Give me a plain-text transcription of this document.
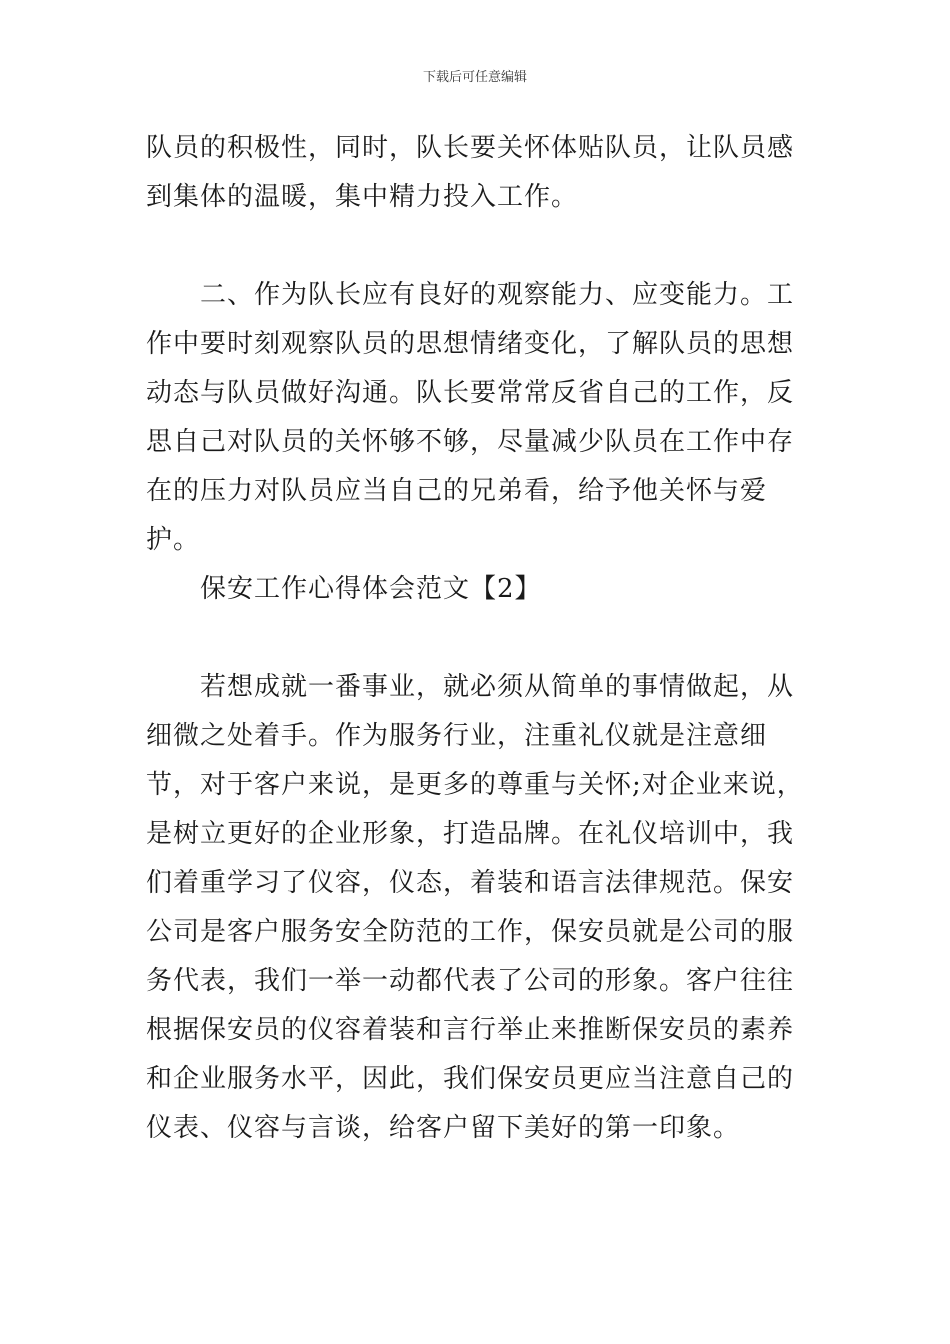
下载后可任意编辑

队员的积极性，同时，队长要关怀体贴队员，让队员感到集体的温暖，集中精力投入工作。

二、作为队长应有良好的观察能力、应变能力。工作中要时刻观察队员的思想情绪变化，了解队员的思想动态与队员做好沟通。队长要常常反省自己的工作，反思自己对队员的关怀够不够，尽量减少队员在工作中存在的压力对队员应当自己的兄弟看，给予他关怀与爱护。

保安工作心得体会范文【2】

若想成就一番事业，就必须从简单的事情做起，从细微之处着手。作为服务行业，注重礼仪就是注意细节，对于客户来说，是更多的尊重与关怀;对企业来说，是树立更好的企业形象，打造品牌。在礼仪培训中，我们着重学习了仪容，仪态，着装和语言法律规范。保安公司是客户服务安全防范的工作，保安员就是公司的服务代表，我们一举一动都代表了公司的形象。客户往往根据保安员的仪容着装和言行举止来推断保安员的素养和企业服务水平，因此，我们保安员更应当注意自己的仪表、仪容与言谈，给客户留下美好的第一印象。
